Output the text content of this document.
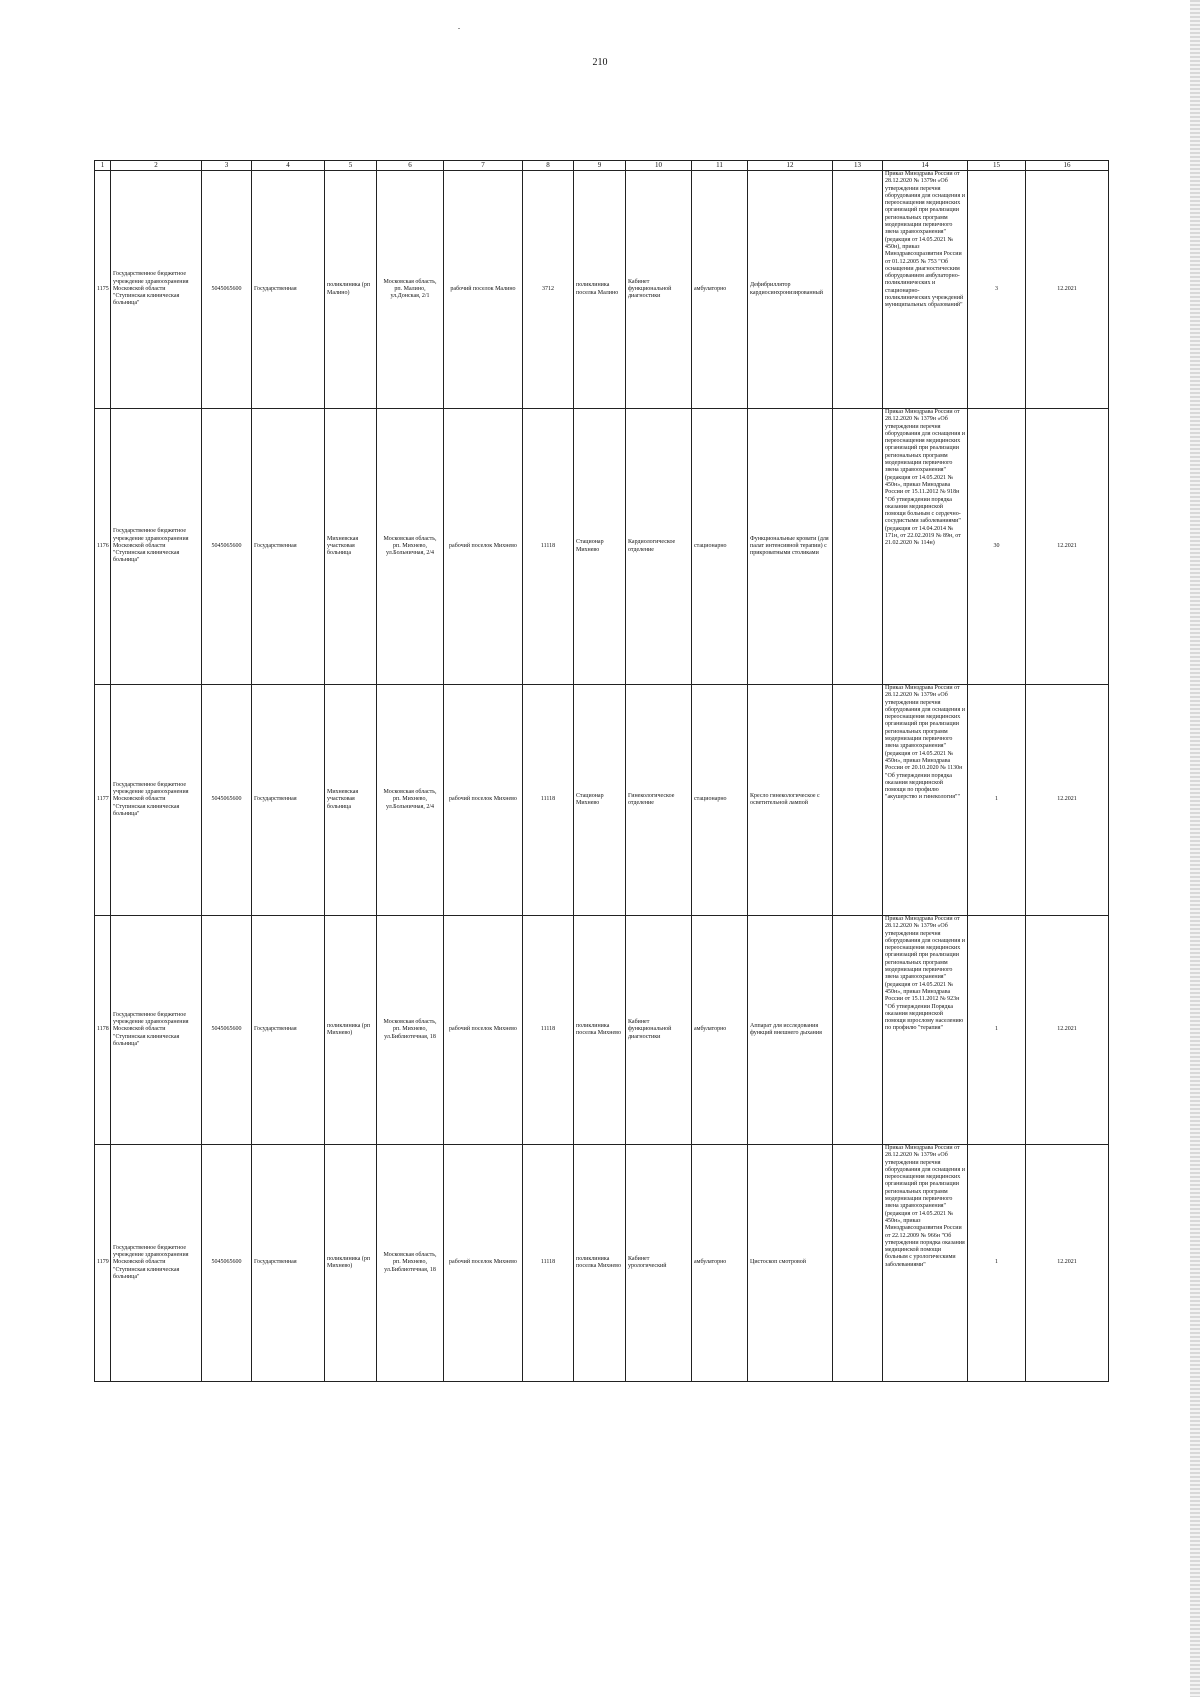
210
1	2	3	4	5	6	7	8	9	10	11	12	13	14	15	16
1175	Государственное бюджетное учреждение здравоохранения Московской области "Ступинская клиническая больница"	5045065600	Государственная	поликлиника (рп Малино)	Московская область, рп. Малино, ул.Донская, 2/1	рабочий поселок Малино	3712	поликлиника поселка Малино	Кабинет функциональной диагностики	амбулаторно	Дефибриллятор кардиосинхронизированный		Приказ Минздрава России от 28.12.2020 № 1379н «Об утверждении перечня оборудования для оснащения и переоснащения медицинских организаций при реализации региональных программ модернизации первичного звена здравоохранения"(редакция от 14.05.2021 № 450н), приказ Минздравсоцразвития России от 01.12.2005 № 753 "Об оснащении диагностическим оборудованием амбулаторно-поликлинических и стационарно-поликлинических учреждений муниципальных образований"	3	12.2021
1176	Государственное бюджетное учреждение здравоохранения Московской области "Ступинская клиническая больница"	5045065600	Государственная	Михневская участковая больница	Московская область, рп. Михнево, ул.Больничная, 2/4	рабочий поселок Михнево	11118	Стационар Михнево	Кардиологическое отделение	стационарно	Функциональные кровати (для палат интенсивной терапии) с прикроватными столиками		Приказ Минздрава России от 28.12.2020 № 1379н «Об утверждении перечня оборудования для оснащения и переоснащения медицинских организаций при реализации региональных программ модернизации первичного звена здравоохранения"(редакция от 14.05.2021 № 450н», приказ Минздрава России от 15.11.2012 № 918н "Об утверждении порядка оказания медицинской помощи больным с сердечно-сосудистыми заболеваниями" (редакция от 14.04.2014 № 171н, от 22.02.2019 № 89н, от 21.02.2020 № 114н)	30	12.2021
1177	Государственное бюджетное учреждение здравоохранения Московской области "Ступинская клиническая больница"	5045065600	Государственная	Михневская участковая больница	Московская область, рп. Михнево, ул.Больничная, 2/4	рабочий поселок Михнево	11118	Стационар Михнево	Гинекологическое отделение	стационарно	Кресло гинекологическое с осветительной лампой		Приказ Минздрава России от 28.12.2020 № 1379н «Об утверждении перечня оборудования для оснащения и переоснащения медицинских организаций при реализации региональных программ модернизации первичного звена здравоохранения"(редакция от 14.05.2021 № 450н», приказ Минздрава России от 20.10.2020 № 1130н "Об утверждении порядка оказания медицинской помощи по профилю "акушерство и гинекология""	1	12.2021
1178	Государственное бюджетное учреждение здравоохранения Московской области "Ступинская клиническая больница"	5045065600	Государственная	поликлиника (рп Михнево)	Московская область, рп. Михнево, ул.Библиотечная, 18	рабочий поселок Михнево	11118	поликлиника поселка Михнево	Кабинет функциональной диагностики	амбулаторно	Аппарат для исследования функций внешнего дыхания		Приказ Минздрава России от 28.12.2020 № 1379н «Об утверждении перечня оборудования для оснащения и переоснащения медицинских организаций при реализации региональных программ модернизации первичного звена здравоохранения"(редакция от 14.05.2021 № 450н», приказ Минздрава России от 15.11.2012 № 923н "Об утверждении Порядка оказания медицинской помощи взрослому населению по профилю "терапия"	1	12.2021
1179	Государственное бюджетное учреждение здравоохранения Московской области "Ступинская клиническая больница"	5045065600	Государственная	поликлиника (рп Михнево)	Московская область, рп. Михнево, ул.Библиотечная, 18	рабочий поселок Михнево	11118	поликлиника поселка Михнево	Кабинет урологический	амбулаторно	Цистоскоп смотровой		Приказ Минздрава России от 28.12.2020 № 1379н «Об утверждении перечня оборудования для оснащения и переоснащения медицинских организаций при реализации региональных программ модернизации первичного звена здравоохранения"(редакция от 14.05.2021 № 450н», приказ Минздравсоцразвития России от 22.12.2009 № 966н "Об утверждении порядка оказания медицинской помощи больным с урологическими заболеваниями"	1	12.2021
